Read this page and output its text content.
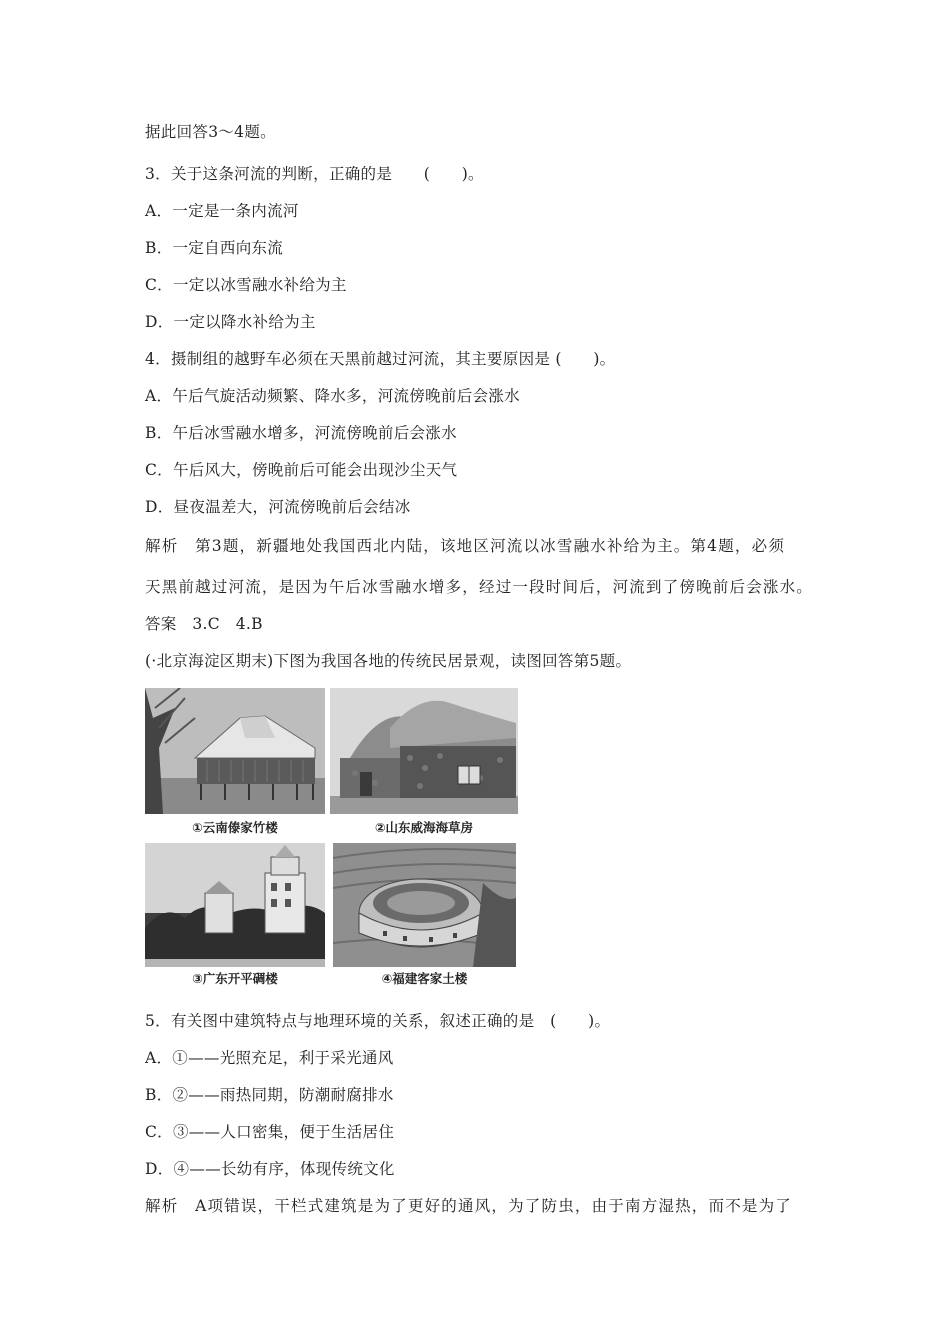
据此回答3～4题。
3．关于这条河流的判断，正确的是　　(　　)。
A．一定是一条内流河
B．一定自西向东流
C．一定以冰雪融水补给为主
D．一定以降水补给为主
4．摄制组的越野车必须在天黑前越过河流，其主要原因是 (　　)。
A．午后气旋活动频繁、降水多，河流傍晚前后会涨水
B．午后冰雪融水增多，河流傍晚前后会涨水
C．午后风大，傍晚前后可能会出现沙尘天气
D．昼夜温差大，河流傍晚前后会结冰
解析　第3题，新疆地处我国西北内陆，该地区河流以冰雪融水补给为主。第4题，必须
天黑前越过河流，是因为午后冰雪融水增多，经过一段时间后，河流到了傍晚前后会涨水。
答案　3.C　4.B
(·北京海淀区期末)下图为我国各地的传统民居景观，读图回答第5题。
①云南傣家竹楼	②山东威海海草房
③广东开平碉楼	④福建客家土楼
5．有关图中建筑特点与地理环境的关系，叙述正确的是　(　　)。
A．①——光照充足，利于采光通风
B．②——雨热同期，防潮耐腐排水
C．③——人口密集，便于生活居住
D．④——长幼有序，体现传统文化
解析　A项错误，干栏式建筑是为了更好的通风，为了防虫，由于南方湿热，而不是为了
